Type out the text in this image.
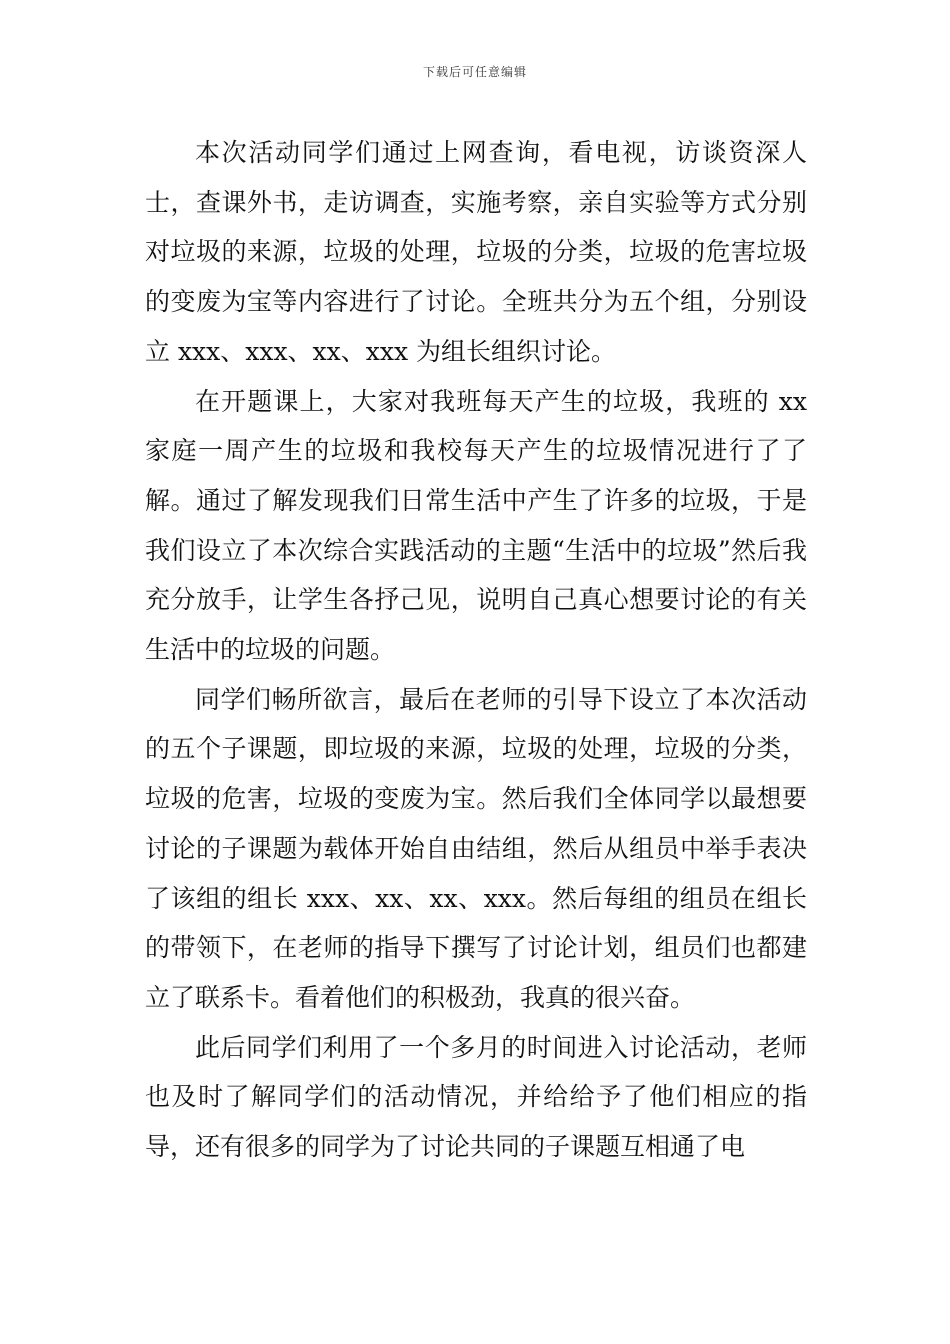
下载后可任意编辑

本次活动同学们通过上网查询，看电视，访谈资深人士，查课外书，走访调查，实施考察，亲自实验等方式分别对垃圾的来源，垃圾的处理，垃圾的分类，垃圾的危害垃圾的变废为宝等内容进行了讨论。全班共分为五个组，分别设立 xxx、xxx、xx、xxx 为组长组织讨论。

在开题课上，大家对我班每天产生的垃圾，我班的 xx 家庭一周产生的垃圾和我校每天产生的垃圾情况进行了了解。通过了解发现我们日常生活中产生了许多的垃圾，于是我们设立了本次综合实践活动的主题“生活中的垃圾”然后我充分放手，让学生各抒己见，说明自己真心想要讨论的有关生活中的垃圾的问题。

同学们畅所欲言，最后在老师的引导下设立了本次活动的五个子课题，即垃圾的来源，垃圾的处理，垃圾的分类，垃圾的危害，垃圾的变废为宝。然后我们全体同学以最想要讨论的子课题为载体开始自由结组，然后从组员中举手表决了该组的组长 xxx、xx、xx、xxx。然后每组的组员在组长的带领下，在老师的指导下撰写了讨论计划，组员们也都建立了联系卡。看着他们的积极劲，我真的很兴奋。

此后同学们利用了一个多月的时间进入讨论活动，老师也及时了解同学们的活动情况，并给给予了他们相应的指导，还有很多的同学为了讨论共同的子课题互相通了电
